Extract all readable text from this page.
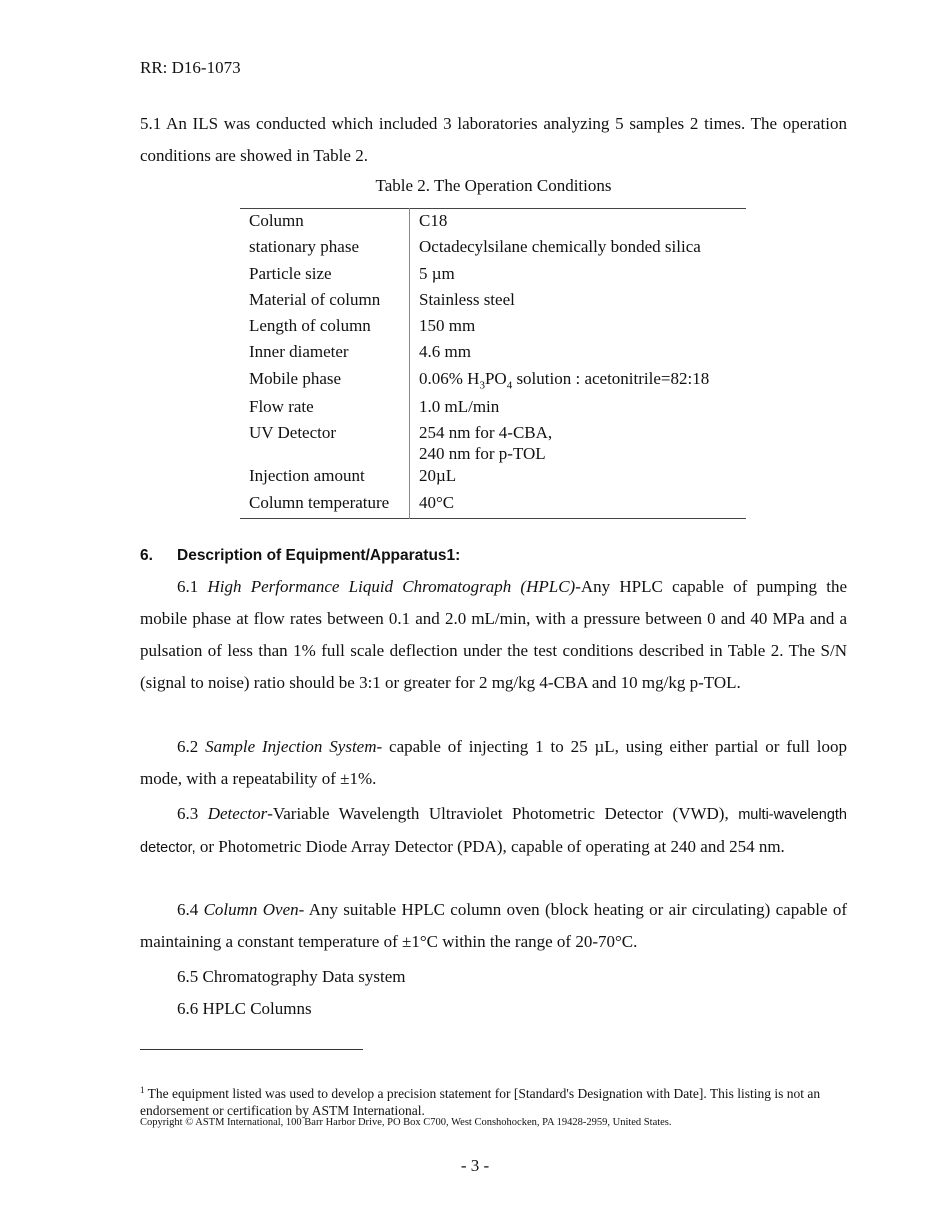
RR: D16-1073
5.1 An ILS was conducted which included 3 laboratories analyzing 5 samples 2 times. The operation conditions are showed in Table 2.
Table 2. The Operation Conditions
Column	C18
stationary phase	Octadecylsilane chemically bonded silica
Particle size	5 µm
Material of column	Stainless steel
Length of column	150 mm
Inner diameter	4.6 mm
Mobile phase	0.06% $H_3PO_4$ solution : acetonitrile=82:18
Flow rate	1.0 mL/min
UV Detector	254 nm for 4-CBA,
240 nm for p-TOL

Injection amount	20µL
Column temperature	40°C
6. Description of Equipment/Apparatus1:
6.1 High Performance Liquid Chromatograph (HPLC)-Any HPLC capable of pumping the mobile phase at flow rates between 0.1 and 2.0 mL/min, with a pressure between 0 and 40 MPa and a pulsation of less than 1% full scale deflection under the test conditions described in Table 2. The S/N (signal to noise) ratio should be 3:1 or greater for 2 mg/kg 4-CBA and 10 mg/kg p-TOL.
6.2 Sample Injection System- capable of injecting 1 to 25 µL, using either partial or full loop mode, with a repeatability of ±1%.
6.3 Detector-Variable Wavelength Ultraviolet Photometric Detector (VWD), multi-wavelength detector, or Photometric Diode Array Detector (PDA), capable of operating at 240 and 254 nm.
6.4 Column Oven- Any suitable HPLC column oven (block heating or air circulating) capable of maintaining a constant temperature of ±1°C within the range of 20-70°C.
6.5 Chromatography Data system
6.6 HPLC Columns
$^1$ The equipment listed was used to develop a precision statement for [Standard's Designation with Date]. This listing is not an endorsement or certification by ASTM International.
Copyright © ASTM International, 100 Barr Harbor Drive, PO Box C700, West Conshohocken, PA 19428-2959, United States.
- 3 -
